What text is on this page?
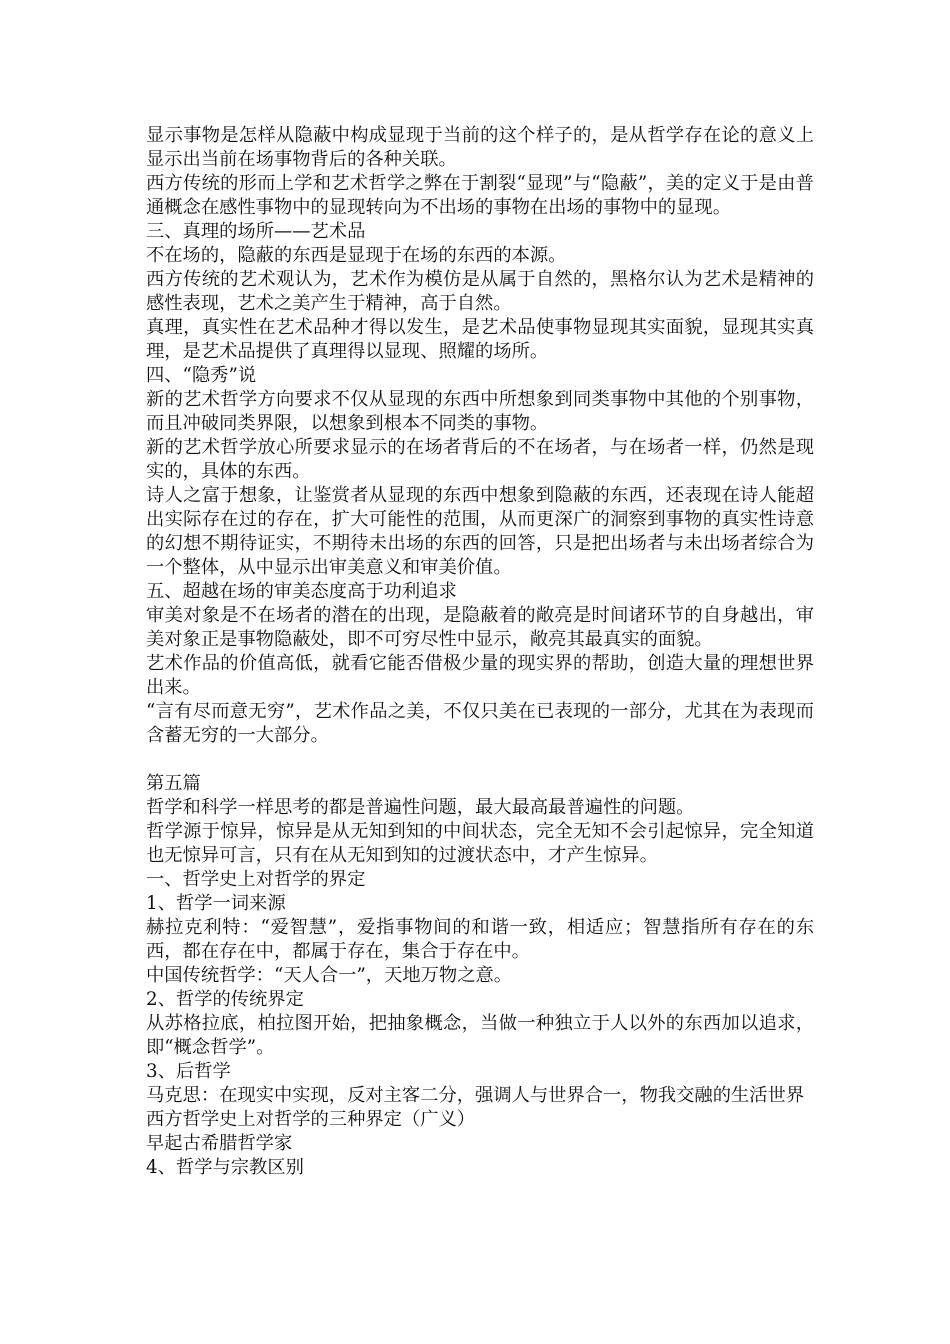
显示事物是怎样从隐蔽中构成显现于当前的这个样子的，是从哲学存在论的意义上显示出当前在场事物背后的各种关联。

西方传统的形而上学和艺术哲学之弊在于割裂“显现”与“隐蔽”，美的定义于是由普通概念在感性事物中的显现转向为不出场的事物在出场的事物中的显现。

三、真理的场所——艺术品

不在场的，隐蔽的东西是显现于在场的东西的本源。

西方传统的艺术观认为，艺术作为模仿是从属于自然的，黑格尔认为艺术是精神的感性表现，艺术之美产生于精神，高于自然。

真理，真实性在艺术品种才得以发生，是艺术品使事物显现其实面貌，显现其实真理，是艺术品提供了真理得以显现、照耀的场所。

四、“隐秀”说

新的艺术哲学方向要求不仅从显现的东西中所想象到同类事物中其他的个别事物，而且冲破同类界限，以想象到根本不同类的事物。

新的艺术哲学放心所要求显示的在场者背后的不在场者，与在场者一样，仍然是现实的，具体的东西。

诗人之富于想象，让鉴赏者从显现的东西中想象到隐蔽的东西，还表现在诗人能超出实际存在过的存在，扩大可能性的范围，从而更深广的洞察到事物的真实性诗意的幻想不期待证实，不期待未出场的东西的回答，只是把出场者与未出场者综合为一个整体，从中显示出审美意义和审美价值。

五、超越在场的审美态度高于功利追求

审美对象是不在场者的潜在的出现，是隐蔽着的敞亮是时间诸环节的自身越出，审美对象正是事物隐蔽处，即不可穷尽性中显示，敞亮其最真实的面貌。

艺术作品的价值高低，就看它能否借极少量的现实界的帮助，创造大量的理想世界出来。

“言有尽而意无穷”，艺术作品之美，不仅只美在已表现的一部分，尤其在为表现而含蓄无穷的一大部分。

第五篇

哲学和科学一样思考的都是普遍性问题，最大最高最普遍性的问题。

哲学源于惊异，惊异是从无知到知的中间状态，完全无知不会引起惊异，完全知道也无惊异可言，只有在从无知到知的过渡状态中，才产生惊异。

一、哲学史上对哲学的界定

1、哲学一词来源

赫拉克利特：“爱智慧”，爱指事物间的和谐一致，相适应；智慧指所有存在的东西，都在存在中，都属于存在，集合于存在中。

中国传统哲学：“天人合一”，天地万物之意。

2、哲学的传统界定

从苏格拉底，柏拉图开始，把抽象概念，当做一种独立于人以外的东西加以追求，即“概念哲学”。

3、后哲学

马克思：在现实中实现，反对主客二分，强调人与世界合一，物我交融的生活世界

西方哲学史上对哲学的三种界定（广义）

早起古希腊哲学家

4、哲学与宗教区别
